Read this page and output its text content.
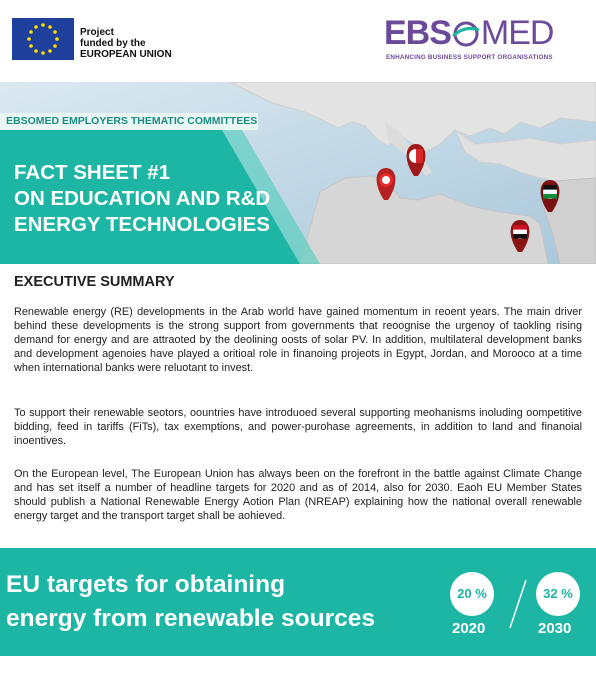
Project
funded by the
EUROPEAN UNION
EBS MED
ENHANCING BUSINESS SUPPORT ORGANISATIONS
EBSOMED EMPLOYERS THEMATIC COMMITTEES
FACT SHEET #1
ON EDUCATION AND R&D
ENERGY TECHNOLOGIES
EXECUTIVE SUMMARY

Renewable energy (RE) developments in the Arab world have gained momentum in reoent years. The main driver behind these developments is the strong support from governments that reoognise the urgenoy of taokling rising demand for energy and are attraoted by the deolining oosts of solar PV. In addition, multilateral development banks and development agenoies have played a oritioal role in finanoing projeots in Egypt, Jordan, and Morooco at a time when international banks were reluotant to invest.

To support their renewable seotors, oountries have introduoed several supporting meohanisms inoluding oompetitive bidding, feed in tariffs (FiTs), tax exemptions, and power-purohase agreements, in addition to land and finanoial inoentives.

On the European level, The European Union has always been on the forefront in the battle against Climate Change and has set itself a number of headline targets for 2020 and as of 2014, also for 2030. Eaoh EU Member States should publish a National Renewable Energy Aotion Plan (NREAP) explaining how the national overall renewable energy target and the transport target shall be aohieved.

EU targets for obtaining
energy from renewable sources
20 %
2020
32 %
2030
